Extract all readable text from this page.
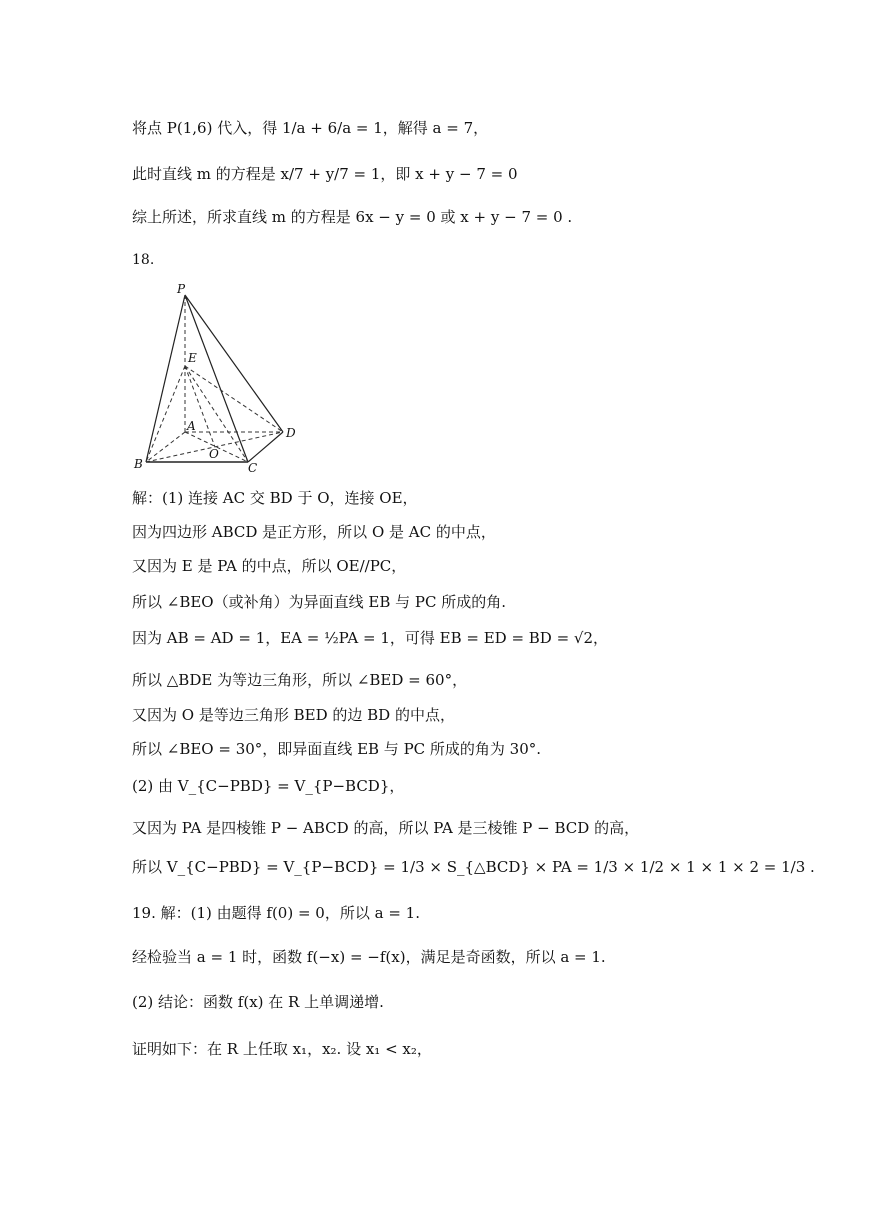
将点 P(1,6) 代入，得 1/a + 6/a = 1，解得 a = 7，
此时直线 m 的方程是 x/7 + y/7 = 1，即 x + y − 7 = 0
综上所述，所求直线 m 的方程是 6x − y = 0 或 x + y − 7 = 0 .
18.
P
E
A	D
O
B	C
解：(1) 连接 AC 交 BD 于 O，连接 OE，
因为四边形 ABCD 是正方形，所以 O 是 AC 的中点，
又因为 E 是 PA 的中点，所以 OE//PC，
所以 ∠BEO（或补角）为异面直线 EB 与 PC 所成的角.
因为 AB = AD = 1，EA = ½PA = 1，可得 EB = ED = BD = √2，
所以 △BDE 为等边三角形，所以 ∠BED = 60°，
又因为 O 是等边三角形 BED 的边 BD 的中点，
所以 ∠BEO = 30°，即异面直线 EB 与 PC 所成的角为 30°.
(2) 由 V_{C−PBD} = V_{P−BCD}，
又因为 PA 是四棱锥 P − ABCD 的高，所以 PA 是三棱锥 P − BCD 的高，
所以 V_{C−PBD} = V_{P−BCD} = 1/3 × S_{△BCD} × PA = 1/3 × 1/2 × 1 × 1 × 2 = 1/3 .
19. 解：(1) 由题得 f(0) = 0，所以 a = 1.
经检验当 a = 1 时，函数 f(−x) = −f(x)，满足是奇函数，所以 a = 1.
(2) 结论：函数 f(x) 在 R 上单调递增.
证明如下：在 R 上任取 x₁，x₂. 设 x₁ < x₂，
